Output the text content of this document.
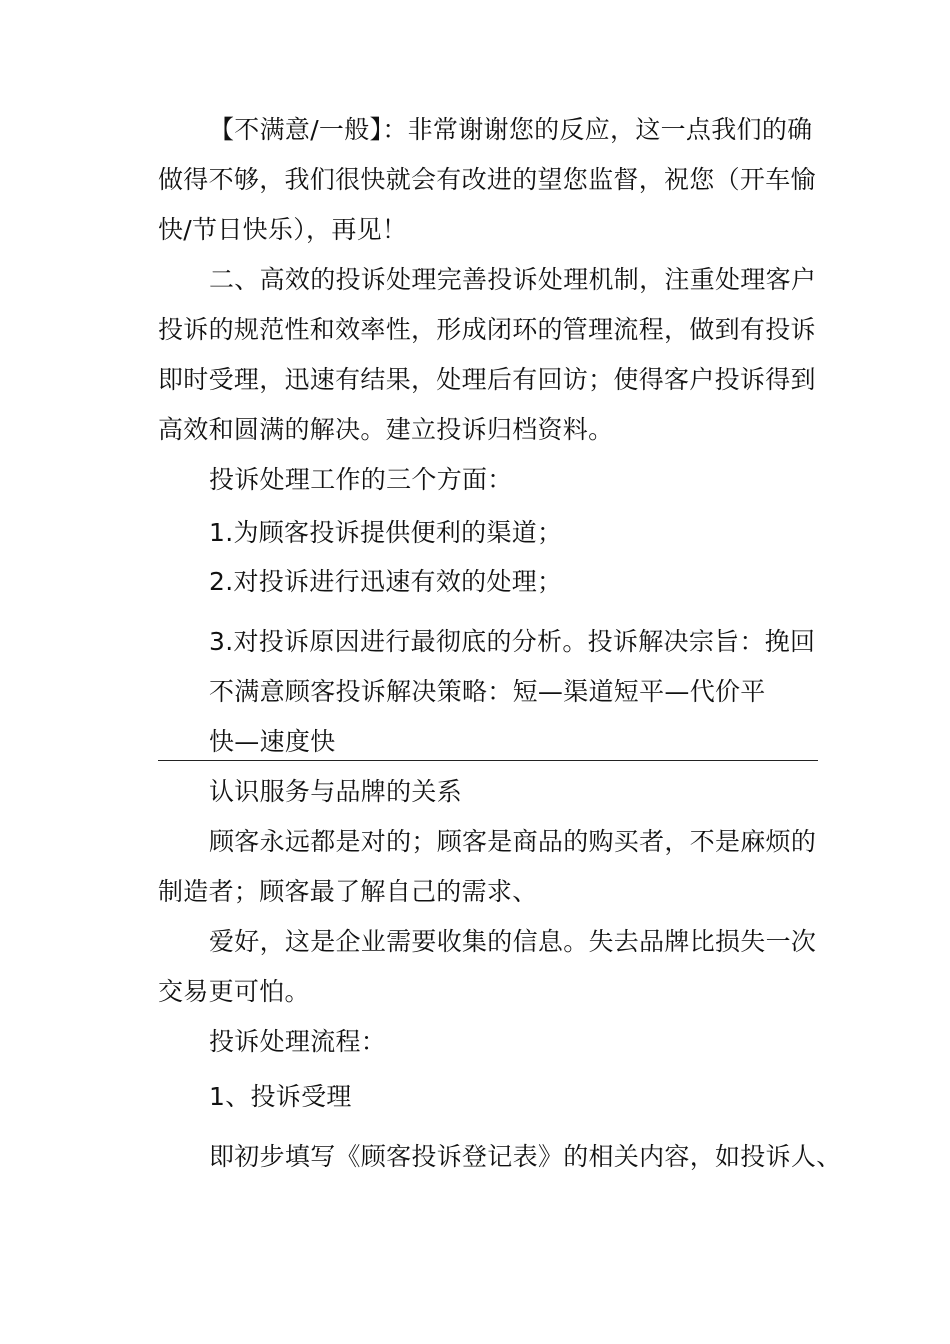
【不满意/一般】：非常谢谢您的反应，这一点我们的确
做得不够，我们很快就会有改进的望您监督，祝您（开车愉
快/节日快乐），再见！
二、高效的投诉处理完善投诉处理机制，注重处理客户
投诉的规范性和效率性，形成闭环的管理流程，做到有投诉
即时受理，迅速有结果，处理后有回访；使得客户投诉得到
高效和圆满的解决。建立投诉归档资料。
投诉处理工作的三个方面：
1.为顾客投诉提供便利的渠道；
2.对投诉进行迅速有效的处理；
3.对投诉原因进行最彻底的分析。投诉解决宗旨：挽回
不满意顾客投诉解决策略：短—渠道短平—代价平
快—速度快
认识服务与品牌的关系
顾客永远都是对的；顾客是商品的购买者，不是麻烦的
制造者；顾客最了解自己的需求、
爱好，这是企业需要收集的信息。失去品牌比损失一次
交易更可怕。
投诉处理流程：
1、投诉受理
即初步填写《顾客投诉登记表》的相关内容，如投诉人、
